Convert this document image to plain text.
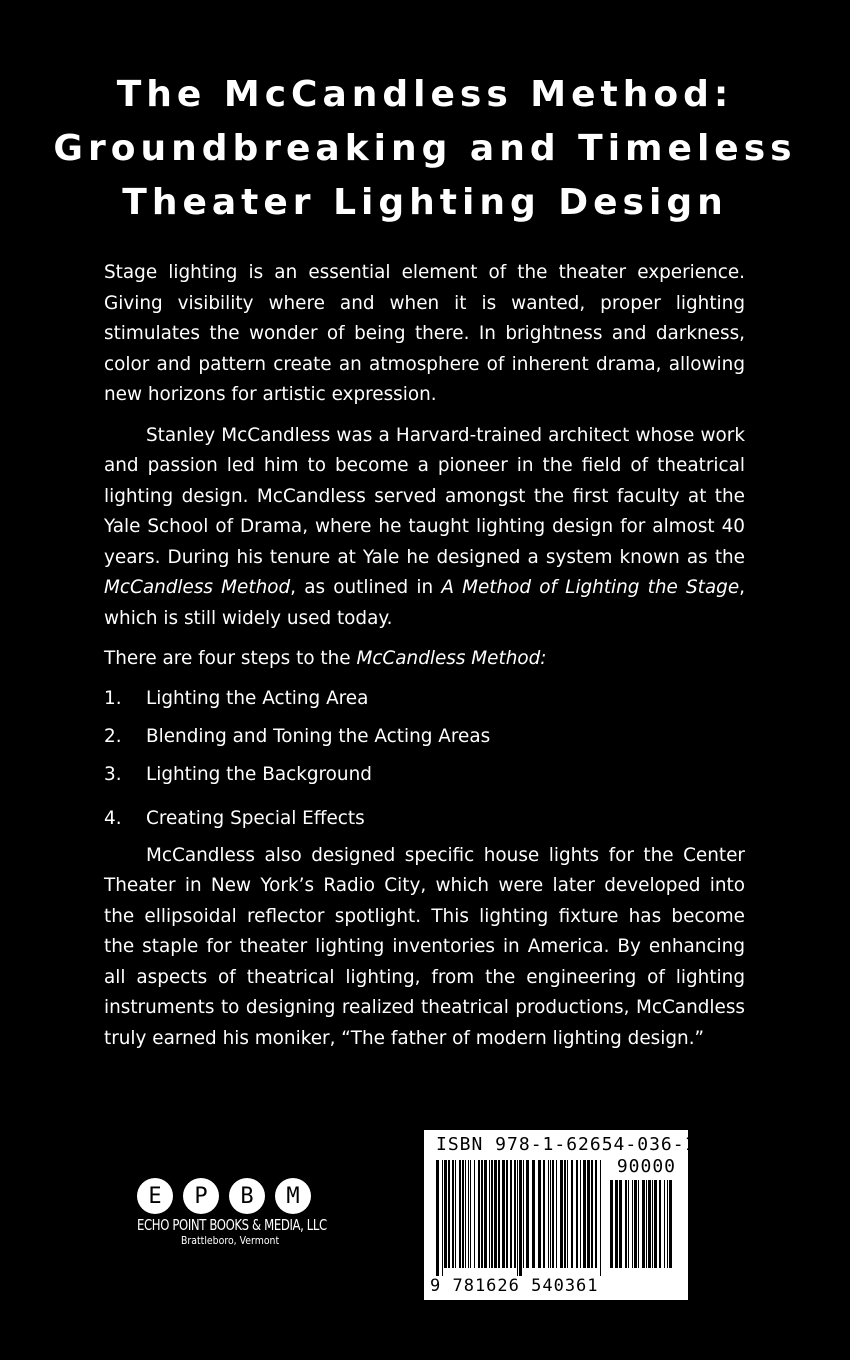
The McCandless Method:
Groundbreaking and Timeless
Theater Lighting Design

Stage lighting is an essential element of the theater experience. Giving visibility where and when it is wanted, proper lighting stimulates the wonder of being there. In brightness and darkness, color and pattern create an atmosphere of inherent drama, allowing new horizons for artistic expression.

Stanley McCandless was a Harvard-trained architect whose work and passion led him to become a pioneer in the field of theatrical lighting design. McCandless served amongst the first faculty at the Yale School of Drama, where he taught lighting design for almost 40 years. During his tenure at Yale he designed a system known as the McCandless Method, as outlined in A Method of Lighting the Stage, which is still widely used today.

There are four steps to the McCandless Method:

1.	Lighting the Acting Area
2.	Blending and Toning the Acting Areas
3.	Lighting the Background
4.	Creating Special Effects

McCandless also designed specific house lights for the Center Theater in New York’s Radio City, which were later developed into the ellipsoidal reflector spotlight. This lighting fixture has become the staple for theater lighting inventories in America. By enhancing all aspects of theatrical lighting, from the engineering of lighting instruments to designing realized theatrical productions, McCandless truly earned his moniker, “The father of modern lighting design.”

E	P	B	M
ECHO POINT BOOKS & MEDIA, LLC
Brattleboro, Vermont
ISBN 978-1-62654-036-1
90000
9 781626 540361
